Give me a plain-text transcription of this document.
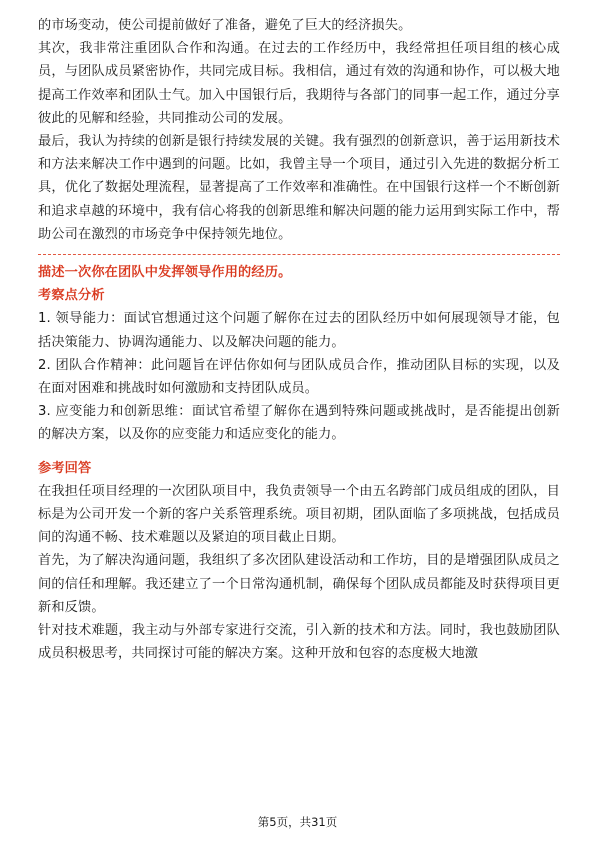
的市场变动，使公司提前做好了准备，避免了巨大的经济损失。

其次，我非常注重团队合作和沟通。在过去的工作经历中，我经常担任项目组的核心成员，与团队成员紧密协作，共同完成目标。我相信，通过有效的沟通和协作，可以极大地提高工作效率和团队士气。加入中国银行后，我期待与各部门的同事一起工作，通过分享彼此的见解和经验，共同推动公司的发展。

最后，我认为持续的创新是银行持续发展的关键。我有强烈的创新意识，善于运用新技术和方法来解决工作中遇到的问题。比如，我曾主导一个项目，通过引入先进的数据分析工具，优化了数据处理流程，显著提高了工作效率和准确性。在中国银行这样一个不断创新和追求卓越的环境中，我有信心将我的创新思维和解决问题的能力运用到实际工作中，帮助公司在激烈的市场竞争中保持领先地位。

描述一次你在团队中发挥领导作用的经历。

考察点分析

1. 领导能力：面试官想通过这个问题了解你在过去的团队经历中如何展现领导才能，包括决策能力、协调沟通能力、以及解决问题的能力。

2. 团队合作精神：此问题旨在评估你如何与团队成员合作，推动团队目标的实现，以及在面对困难和挑战时如何激励和支持团队成员。

3. 应变能力和创新思维：面试官希望了解你在遇到特殊问题或挑战时，是否能提出创新的解决方案，以及你的应变能力和适应变化的能力。

参考回答

在我担任项目经理的一次团队项目中，我负责领导一个由五名跨部门成员组成的团队，目标是为公司开发一个新的客户关系管理系统。项目初期，团队面临了多项挑战，包括成员间的沟通不畅、技术难题以及紧迫的项目截止日期。

首先，为了解决沟通问题，我组织了多次团队建设活动和工作坊，目的是增强团队成员之间的信任和理解。我还建立了一个日常沟通机制，确保每个团队成员都能及时获得项目更新和反馈。

针对技术难题，我主动与外部专家进行交流，引入新的技术和方法。同时，我也鼓励团队成员积极思考，共同探讨可能的解决方案。这种开放和包容的态度极大地激

第5页，共31页
